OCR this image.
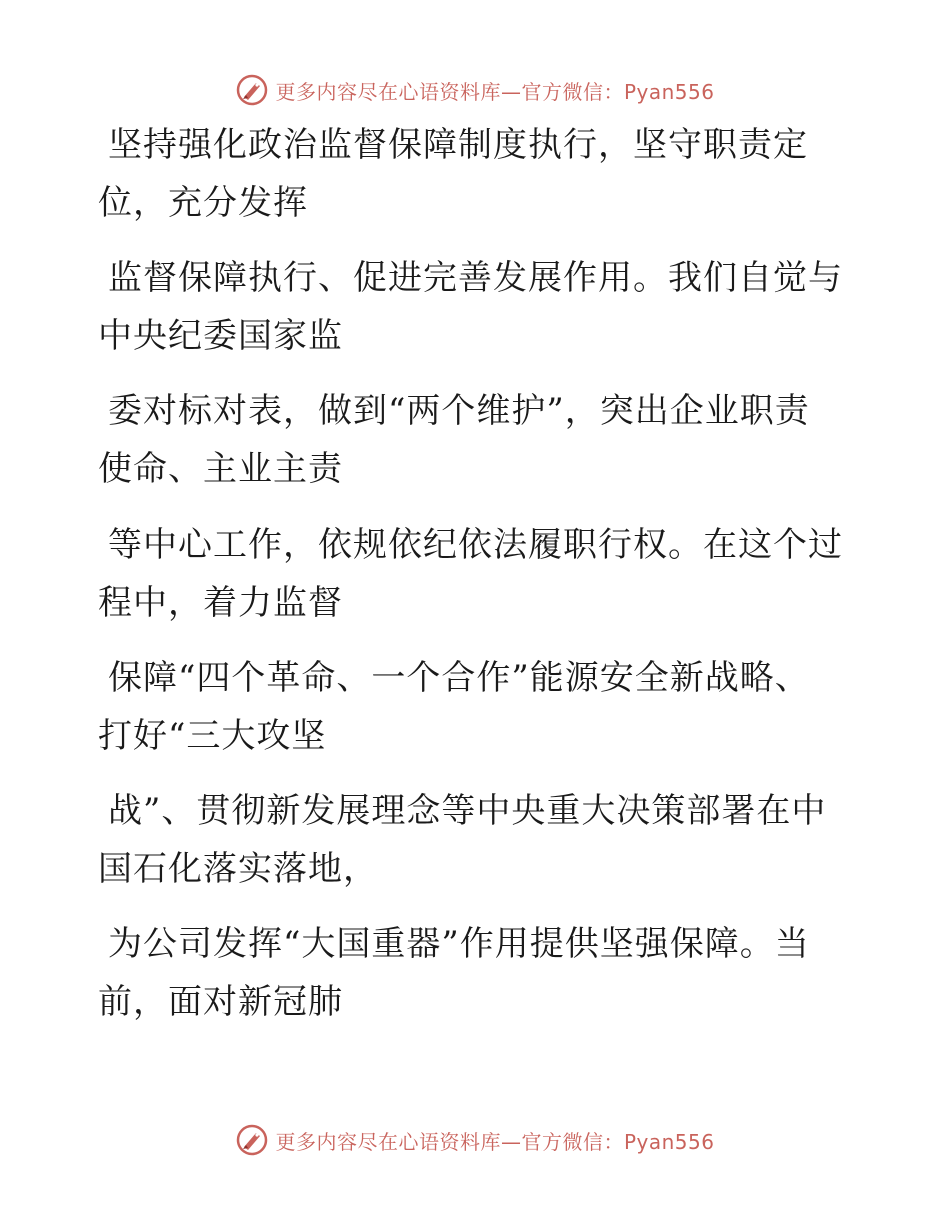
更多内容尽在心语资料库—官方微信：Pyan556
坚持强化政治监督保障制度执行，坚守职责定
位，充分发挥
监督保障执行、促进完善发展作用。我们自觉与
中央纪委国家监
委对标对表，做到“两个维护”，突出企业职责
使命、主业主责
等中心工作，依规依纪依法履职行权。在这个过
程中，着力监督
保障“四个革命、一个合作”能源安全新战略、
打好“三大攻坚
战”、贯彻新发展理念等中央重大决策部署在中
国石化落实落地，
为公司发挥“大国重器”作用提供坚强保障。当
前，面对新冠肺
更多内容尽在心语资料库—官方微信：Pyan556
